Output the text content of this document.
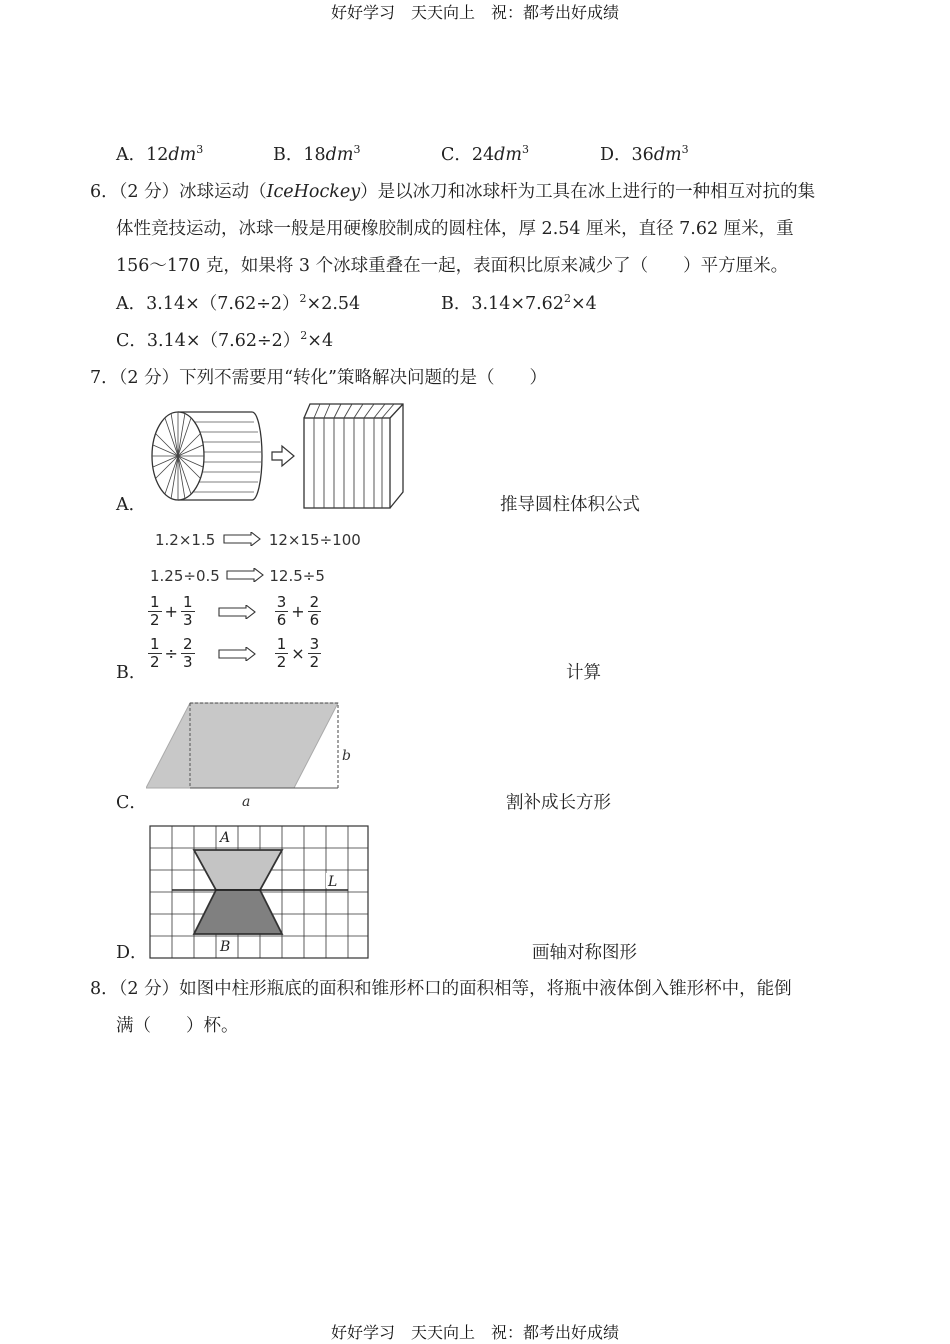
好好学习　天天向上　祝：都考出好成绩
A．$12dm^3$	B．$18dm^3$	C．$24dm^3$	D．$36dm^3$
6．（2 分）冰球运动（IceHockey）是以冰刀和冰球杆为工具在冰上进行的一种相互对抗的集
体性竞技运动，冰球一般是用硬橡胶制成的圆柱体，厚 2.54 厘米，直径 7.62 厘米，重
156～170 克，如果将 3 个冰球重叠在一起，表面积比原来减少了（　　）平方厘米。
A．$3.14\times(7.62\div 2)^2\times 2.54$	B．$3.14\times 7.62^2\times 4$
C．$3.14\times(7.62\div 2)^2\times 4$
7．（2 分）下列不需要用“转化”策略解决问题的是（　　）
A．	推导圆柱体积公式
1.2×1.5	12×15÷100
1.25÷0.5	12.5÷5
$\frac{1}{2} + \frac{1}{3}$
	$\frac{3}{6} + \frac{2}{6}$
$\frac{1}{2} \div \frac{2}{3}$
	$\frac{1}{2} \times \frac{3}{2}$
B．	计算
b
a
C．	割补成长方形
A
B
L
D．	画轴对称图形
8．（2 分）如图中柱形瓶底的面积和锥形杯口的面积相等，将瓶中液体倒入锥形杯中，能倒
满（　　）杯。
好好学习　天天向上　祝：都考出好成绩
